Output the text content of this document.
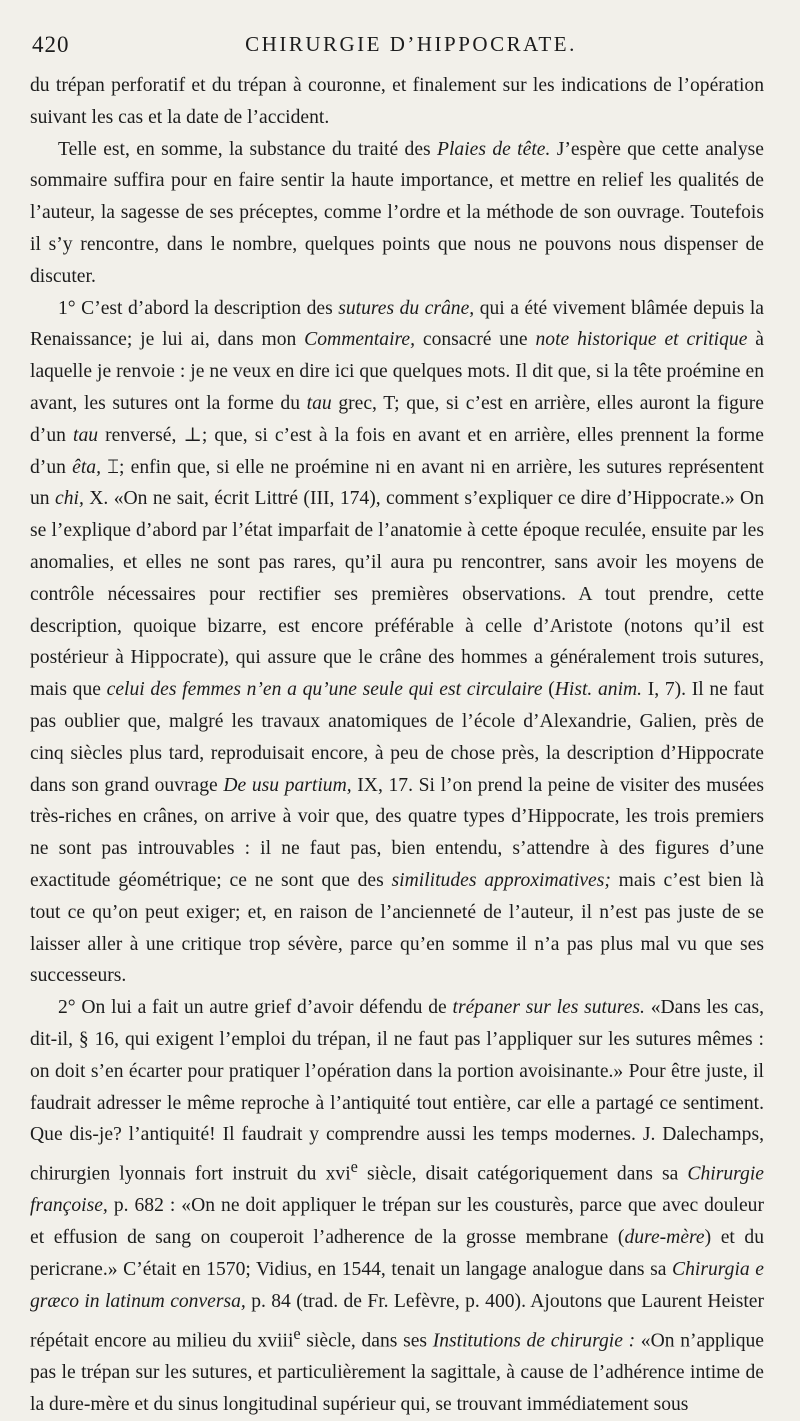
420	CHIRURGIE D’HIPPOCRATE.

du trépan perforatif et du trépan à couronne, et finalement sur les indications de l’opération suivant les cas et la date de l’accident.

Telle est, en somme, la substance du traité des Plaies de tête. J’espère que cette analyse sommaire suffira pour en faire sentir la haute importance, et mettre en relief les qualités de l’auteur, la sagesse de ses préceptes, comme l’ordre et la méthode de son ouvrage. Toutefois il s’y rencontre, dans le nombre, quelques points que nous ne pouvons nous dispenser de discuter.

1° C’est d’abord la description des sutures du crâne, qui a été vivement blâmée depuis la Renaissance; je lui ai, dans mon Commentaire, consacré une note historique et critique à laquelle je renvoie : je ne veux en dire ici que quelques mots. Il dit que, si la tête proémine en avant, les sutures ont la forme du tau grec, T; que, si c’est en arrière, elles auront la figure d’un tau renversé, ⊥; que, si c’est à la fois en avant et en arrière, elles prennent la forme d’un êta, ⌶; enfin que, si elle ne proémine ni en avant ni en arrière, les sutures représentent un chi, X. «On ne sait, écrit Littré (III, 174), comment s’expliquer ce dire d’Hippocrate.» On se l’explique d’abord par l’état imparfait de l’anatomie à cette époque reculée, ensuite par les anomalies, et elles ne sont pas rares, qu’il aura pu rencontrer, sans avoir les moyens de contrôle nécessaires pour rectifier ses premières observations. A tout prendre, cette description, quoique bizarre, est encore préférable à celle d’Aristote (notons qu’il est postérieur à Hippocrate), qui assure que le crâne des hommes a généralement trois sutures, mais que celui des femmes n’en a qu’une seule qui est circulaire (Hist. anim. I, 7). Il ne faut pas oublier que, malgré les travaux anatomiques de l’école d’Alexandrie, Galien, près de cinq siècles plus tard, reproduisait encore, à peu de chose près, la description d’Hippocrate dans son grand ouvrage De usu partium, IX, 17. Si l’on prend la peine de visiter des musées très-riches en crânes, on arrive à voir que, des quatre types d’Hippocrate, les trois premiers ne sont pas introuvables : il ne faut pas, bien entendu, s’attendre à des figures d’une exactitude géométrique; ce ne sont que des similitudes approximatives; mais c’est bien là tout ce qu’on peut exiger; et, en raison de l’ancienneté de l’auteur, il n’est pas juste de se laisser aller à une critique trop sévère, parce qu’en somme il n’a pas plus mal vu que ses successeurs.

2° On lui a fait un autre grief d’avoir défendu de trépaner sur les sutures. «Dans les cas, dit-il, § 16, qui exigent l’emploi du trépan, il ne faut pas l’appliquer sur les sutures mêmes : on doit s’en écarter pour pratiquer l’opération dans la portion avoisinante.» Pour être juste, il faudrait adresser le même reproche à l’antiquité tout entière, car elle a partagé ce sentiment. Que dis-je? l’antiquité! Il faudrait y comprendre aussi les temps modernes. J. Dalechamps, chirurgien lyonnais fort instruit du xvi$^e$ siècle, disait catégoriquement dans sa Chirurgie françoise, p. 682 : «On ne doit appliquer le trépan sur les cousturès, parce que avec douleur et effusion de sang on couperoit l’adherence de la grosse membrane (dure-mère) et du pericrane.» C’était en 1570; Vidius, en 1544, tenait un langage analogue dans sa Chirurgia e græco in latinum conversa, p. 84 (trad. de Fr. Lefèvre, p. 400). Ajoutons que Laurent Heister répétait encore au milieu du xviii$^e$ siècle, dans ses Institutions de chirurgie : «On n’applique pas le trépan sur les sutures, et particulièrement la sagittale, à cause de l’adhérence intime de la dure-mère et du sinus longitudinal supérieur qui, se trouvant immédiatement sous
